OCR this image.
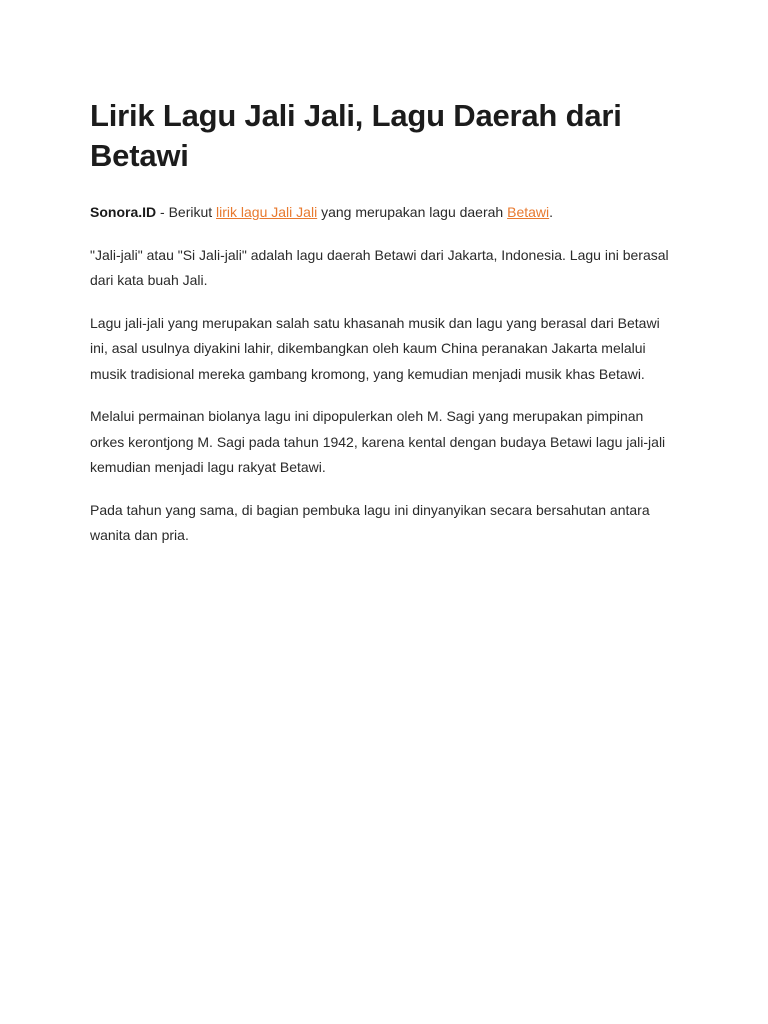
Lirik Lagu Jali Jali, Lagu Daerah dari Betawi

Sonora.ID - Berikut lirik lagu Jali Jali yang merupakan lagu daerah Betawi.

"Jali-jali" atau "Si Jali-jali" adalah lagu daerah Betawi dari Jakarta, Indonesia. Lagu ini berasal dari kata buah Jali.

Lagu jali-jali yang merupakan salah satu khasanah musik dan lagu yang berasal dari Betawi ini, asal usulnya diyakini lahir, dikembangkan oleh kaum China peranakan Jakarta melalui musik tradisional mereka gambang kromong, yang kemudian menjadi musik khas Betawi.

Melalui permainan biolanya lagu ini dipopulerkan oleh M. Sagi yang merupakan pimpinan orkes kerontjong M. Sagi pada tahun 1942, karena kental dengan budaya Betawi lagu jali-jali kemudian menjadi lagu rakyat Betawi.

Pada tahun yang sama, di bagian pembuka lagu ini dinyanyikan secara bersahutan antara wanita dan pria.
